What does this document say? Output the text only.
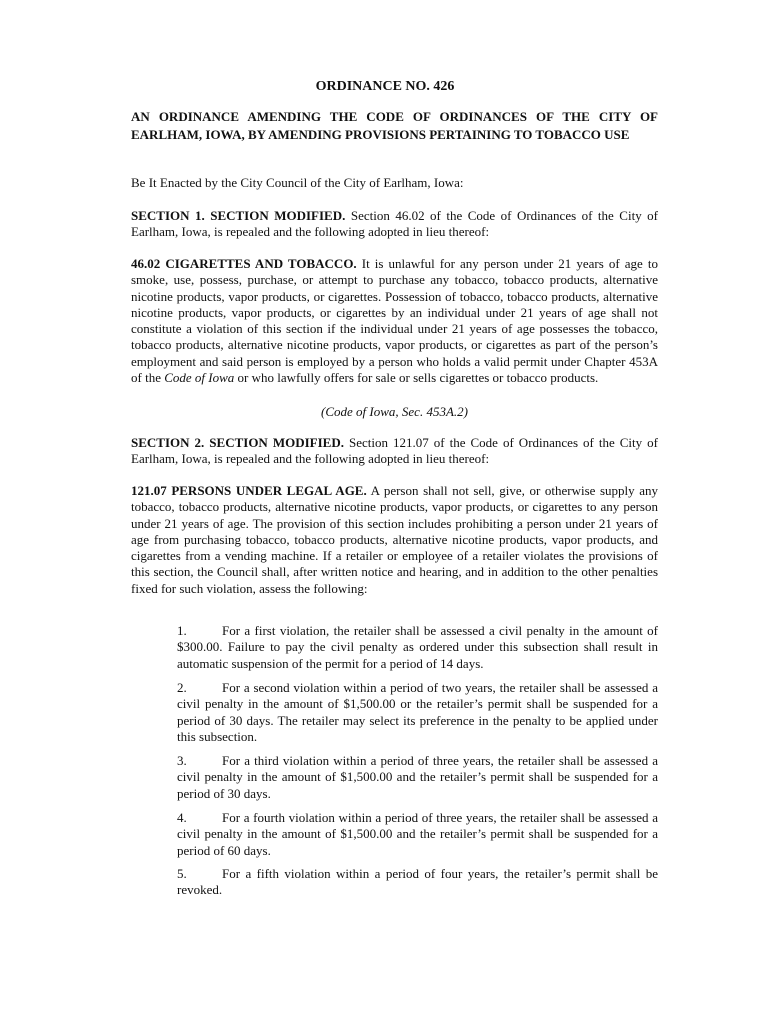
ORDINANCE NO. 426

AN ORDINANCE AMENDING THE CODE OF ORDINANCES OF THE CITY OF EARLHAM, IOWA, BY AMENDING PROVISIONS PERTAINING TO TOBACCO USE

Be It Enacted by the City Council of the City of Earlham, Iowa:

SECTION 1. SECTION MODIFIED. Section 46.02 of the Code of Ordinances of the City of Earlham, Iowa, is repealed and the following adopted in lieu thereof:

46.02 CIGARETTES AND TOBACCO. It is unlawful for any person under 21 years of age to smoke, use, possess, purchase, or attempt to purchase any tobacco, tobacco products, alternative nicotine products, vapor products, or cigarettes. Possession of tobacco, tobacco products, alternative nicotine products, vapor products, or cigarettes by an individual under 21 years of age shall not constitute a violation of this section if the individual under 21 years of age possesses the tobacco, tobacco products, alternative nicotine products, vapor products, or cigarettes as part of the person’s employment and said person is employed by a person who holds a valid permit under Chapter 453A of the Code of Iowa or who lawfully offers for sale or sells cigarettes or tobacco products.

(Code of Iowa, Sec. 453A.2)

SECTION 2. SECTION MODIFIED. Section 121.07 of the Code of Ordinances of the City of Earlham, Iowa, is repealed and the following adopted in lieu thereof:

121.07 PERSONS UNDER LEGAL AGE. A person shall not sell, give, or otherwise supply any tobacco, tobacco products, alternative nicotine products, vapor products, or cigarettes to any person under 21 years of age. The provision of this section includes prohibiting a person under 21 years of age from purchasing tobacco, tobacco products, alternative nicotine products, vapor products, and cigarettes from a vending machine. If a retailer or employee of a retailer violates the provisions of this section, the Council shall, after written notice and hearing, and in addition to the other penalties fixed for such violation, assess the following:

1.	For a first violation, the retailer shall be assessed a civil penalty in the amount of $300.00. Failure to pay the civil penalty as ordered under this subsection shall result in automatic suspension of the permit for a period of 14 days.

2.	For a second violation within a period of two years, the retailer shall be assessed a civil penalty in the amount of $1,500.00 or the retailer’s permit shall be suspended for a period of 30 days. The retailer may select its preference in the penalty to be applied under this subsection.

3.	For a third violation within a period of three years, the retailer shall be assessed a civil penalty in the amount of $1,500.00 and the retailer’s permit shall be suspended for a period of 30 days.

4.	For a fourth violation within a period of three years, the retailer shall be assessed a civil penalty in the amount of $1,500.00 and the retailer’s permit shall be suspended for a period of 60 days.

5.	For a fifth violation within a period of four years, the retailer’s permit shall be revoked.
